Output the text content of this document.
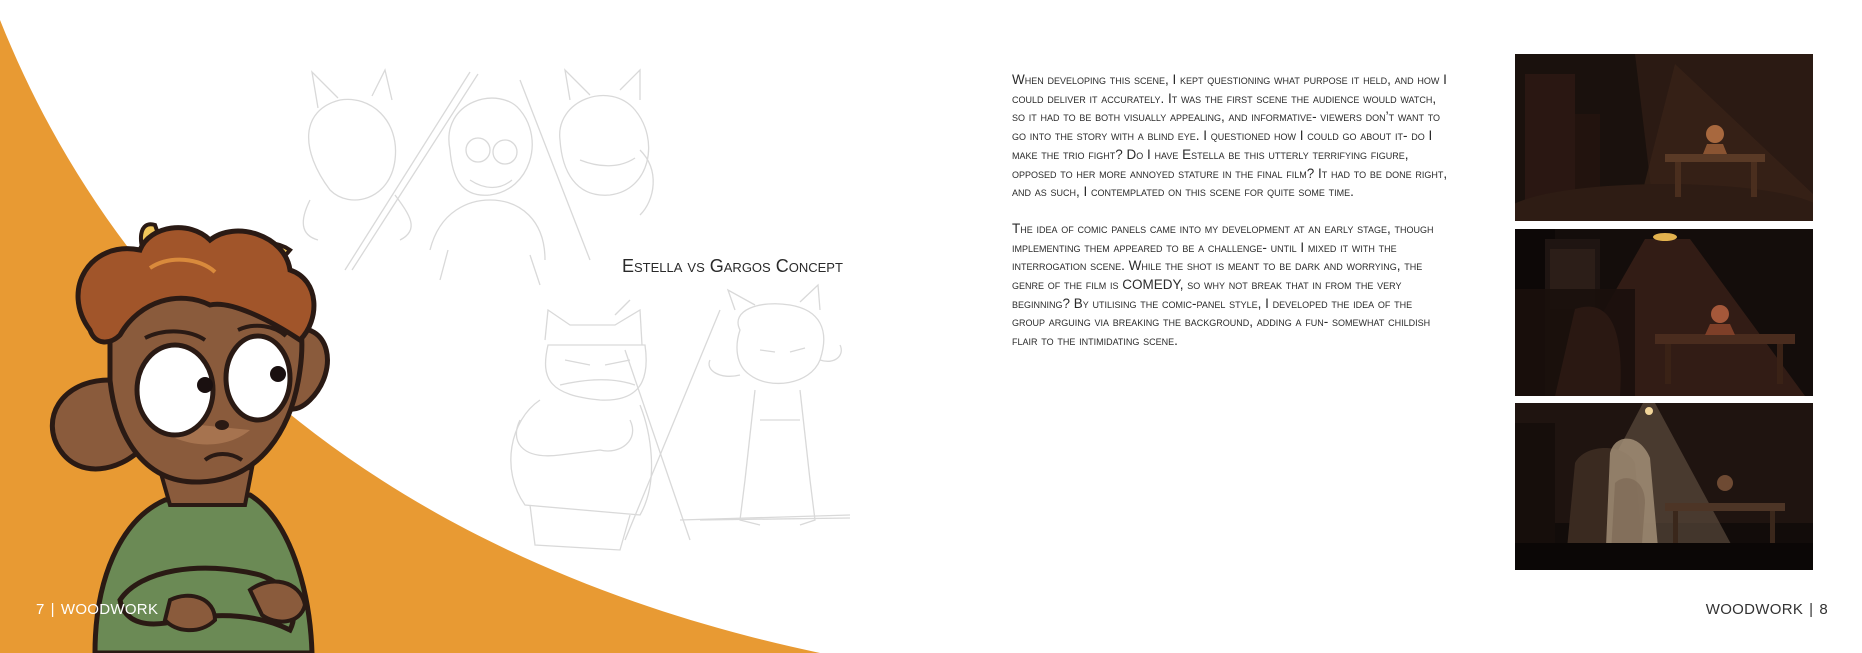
7 | WOODWORK
Estella vs Gargos Concept

When developing this scene, I kept questioning what purpose it held, and how I could deliver it accurately. It was the first scene the audience would watch, so it had to be both visually appealing, and informative- viewers don’t want to go into the story with a blind eye. I questioned how I could go about it- do I make the trio fight? Do I have Estella be this utterly terrifying figure, opposed to her more annoyed stature in the final film? It had to be done right, and as such, I contemplated on this scene for quite some time.

The idea of comic panels came into my development at an early stage, though implementing them appeared to be a challenge- until I mixed it with the interrogation scene. While the shot is meant to be dark and worrying, the genre of the film is COMEDY, so why not break that in from the very beginning? By utilising the comic-panel style, I developed the idea of the group arguing via breaking the background, adding a fun- somewhat childish flair to the intimidating scene.

WOODWORK | 8
